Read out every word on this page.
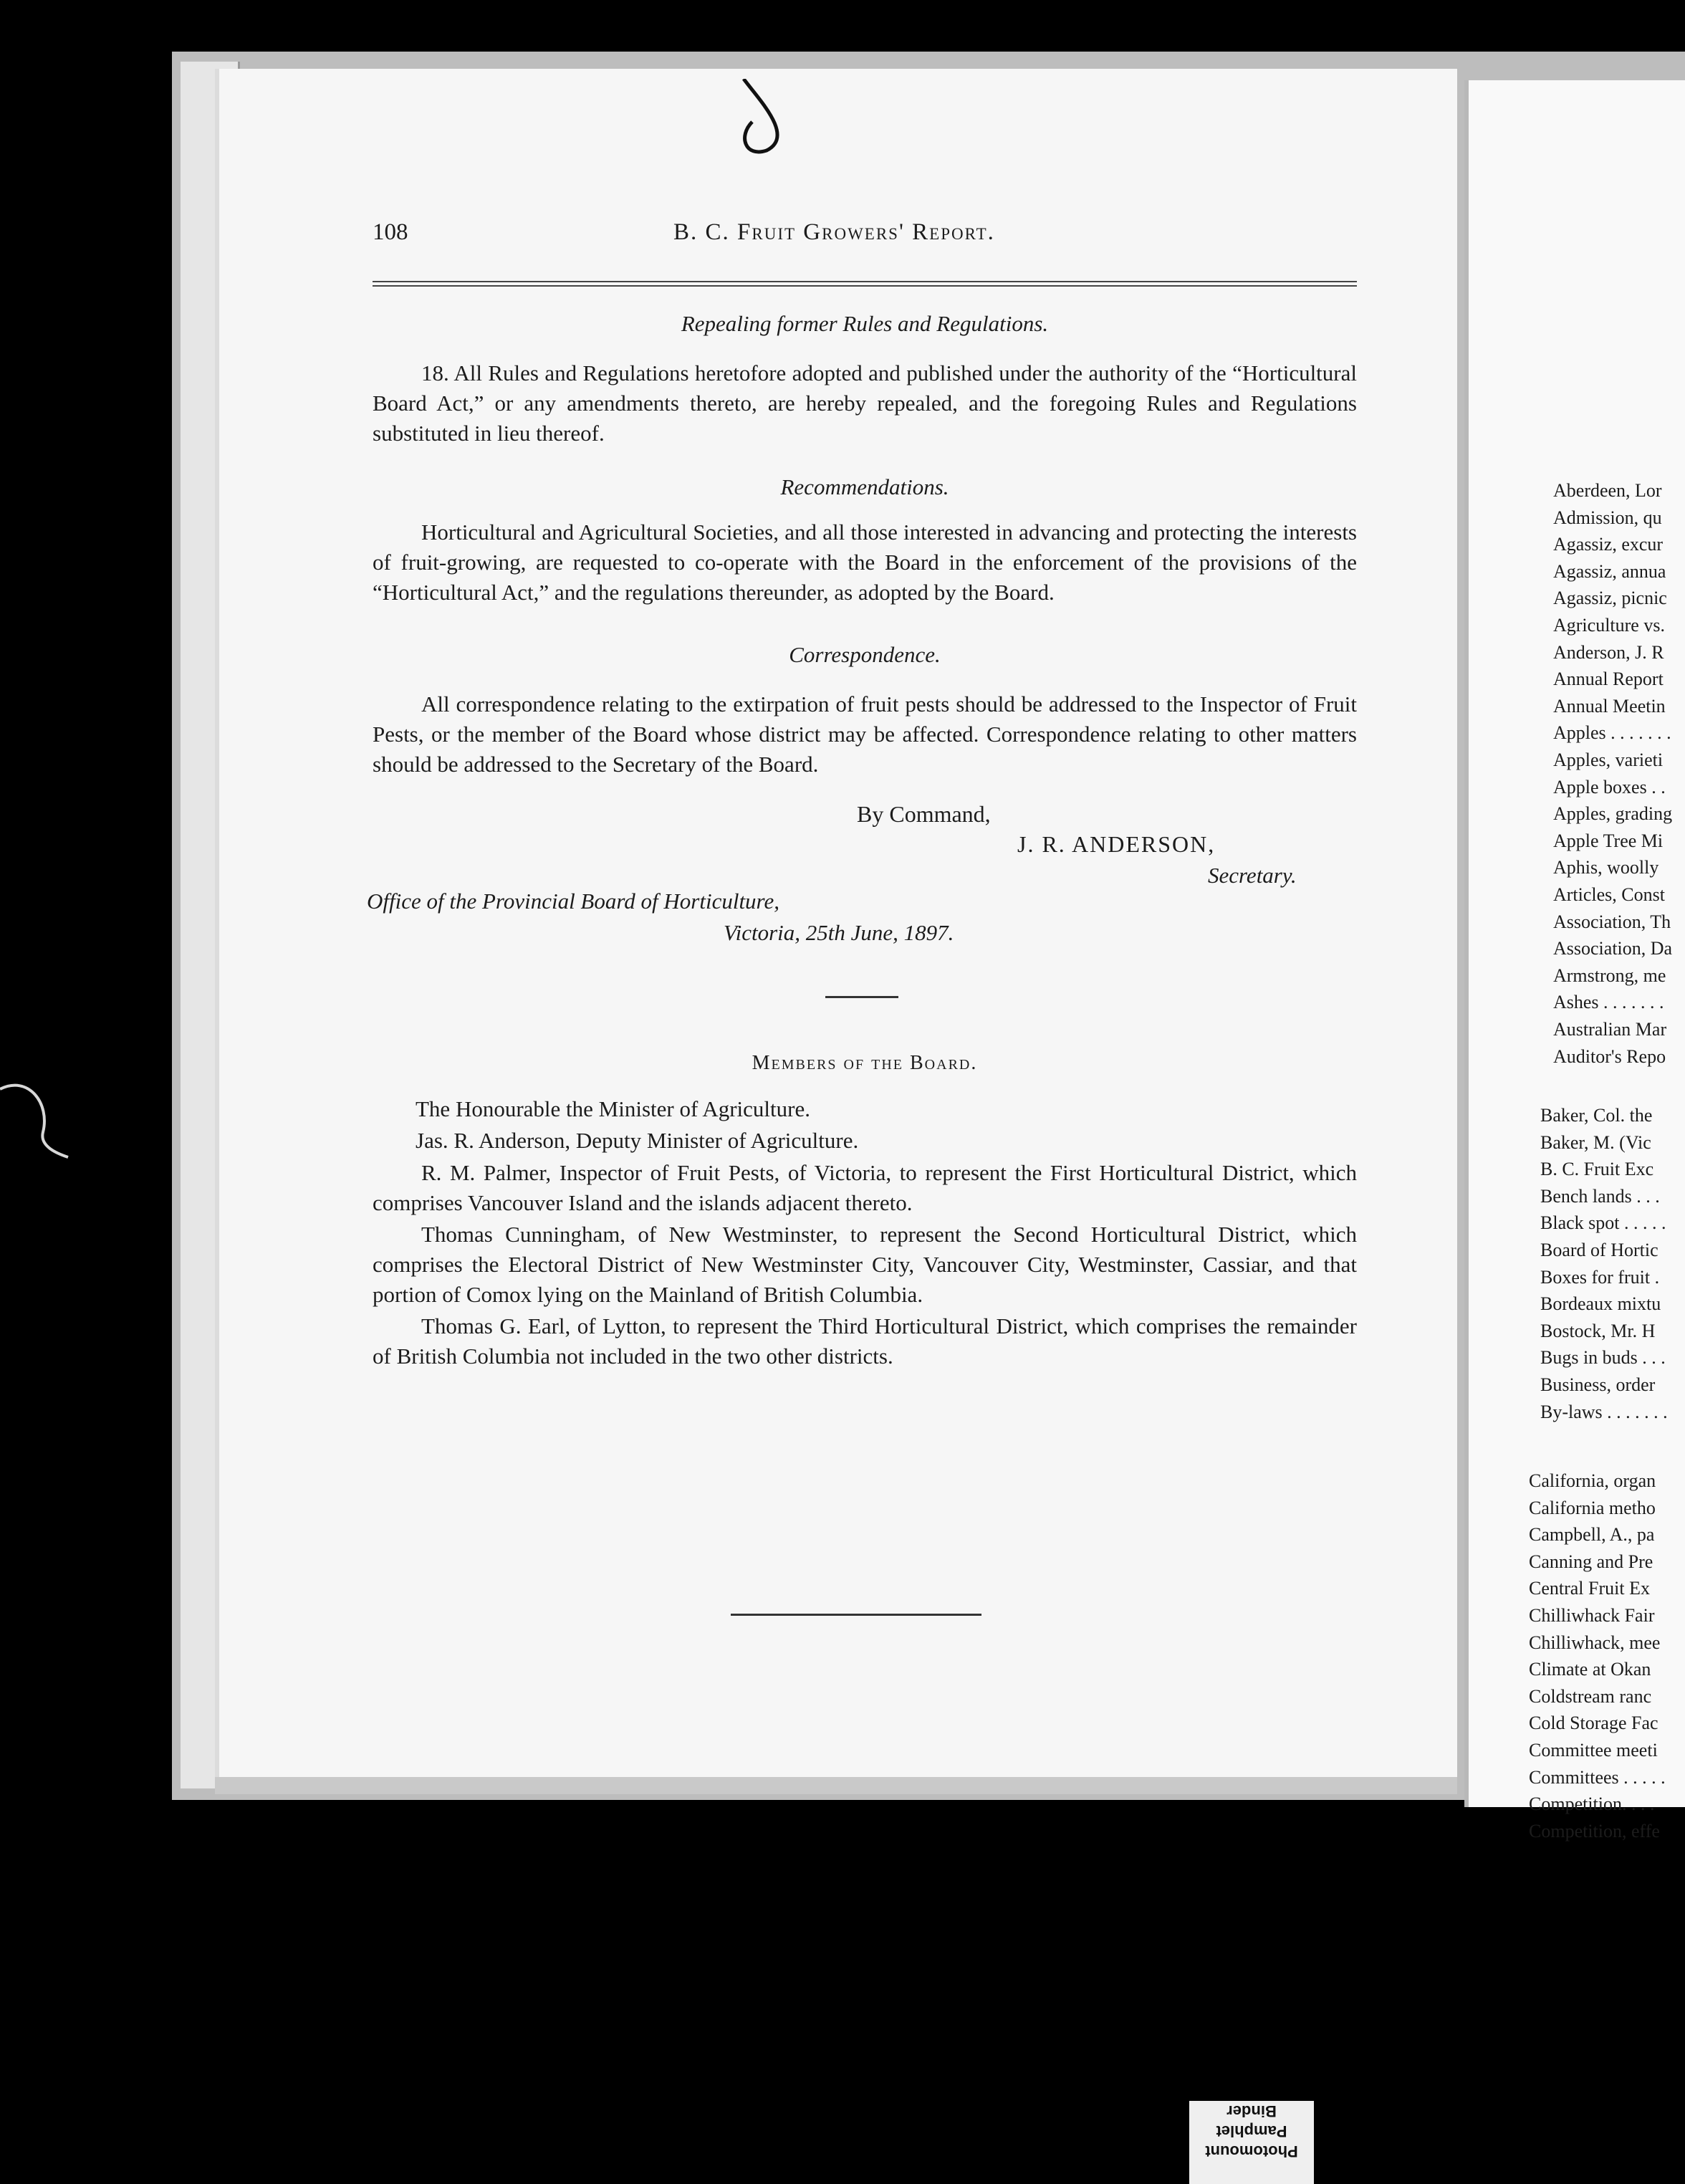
108	B. C. Fruit Growers' Report.
Repealing former Rules and Regulations.

18. All Rules and Regulations heretofore adopted and published under the authority of the “Horticultural Board Act,” or any amendments thereto, are hereby repealed, and the foregoing Rules and Regulations substituted in lieu thereof.

Recommendations.

Horticultural and Agricultural Societies, and all those interested in advancing and protecting the interests of fruit-growing, are requested to co-operate with the Board in the enforcement of the provisions of the “Horticultural Act,” and the regulations thereunder, as adopted by the Board.

Correspondence.

All correspondence relating to the extirpation of fruit pests should be addressed to the Inspector of Fruit Pests, or the member of the Board whose district may be affected. Correspondence relating to other matters should be addressed to the Secretary of the Board.

By Command,
J. R. ANDERSON,
Secretary.
Office of the Provincial Board of Horticulture,
Victoria, 25th June, 1897.
Members of the Board.
The Honourable the Minister of Agriculture.
Jas. R. Anderson, Deputy Minister of Agriculture.

R. M. Palmer, Inspector of Fruit Pests, of Victoria, to represent the First Horticultural District, which comprises Vancouver Island and the islands adjacent thereto.

Thomas Cunningham, of New Westminster, to represent the Second Horticultural District, which comprises the Electoral District of New Westminster City, Vancouver City, Westminster, Cassiar, and that portion of Comox lying on the Mainland of British Columbia.

Thomas G. Earl, of Lytton, to represent the Third Horticultural District, which comprises the remainder of British Columbia not included in the two other districts.

Aberdeen, Lor
Admission, qu
Agassiz, excur
Agassiz, annua
Agassiz, picnic
Agriculture vs.
Anderson, J. R
Annual Report
Annual Meetin
Apples . . . . . . .
Apples, varieti
Apple boxes . .
Apples, grading
Apple Tree Mi
Aphis, woolly
Articles, Const
Association, Th
Association, Da
Armstrong, me
Ashes . . . . . . .
Australian Mar
Auditor's Repo
Baker, Col. the
Baker, M. (Vic
B. C. Fruit Exc
Bench lands . . .
Black spot . . . . .
Board of Hortic
Boxes for fruit .
Bordeaux mixtu
Bostock, Mr. H
Bugs in buds . . .
Business, order
By-laws . . . . . . .
California, organ
California metho
Campbell, A., pa
Canning and Pre
Central Fruit Ex
Chilliwhack Fair
Chilliwhack, mee
Climate at Okan
Coldstream ranc
Cold Storage Fac
Committee meeti
Committees . . . . .
Competition. . . .
Competition, effe
Photomount
Pamphlet
Binder
